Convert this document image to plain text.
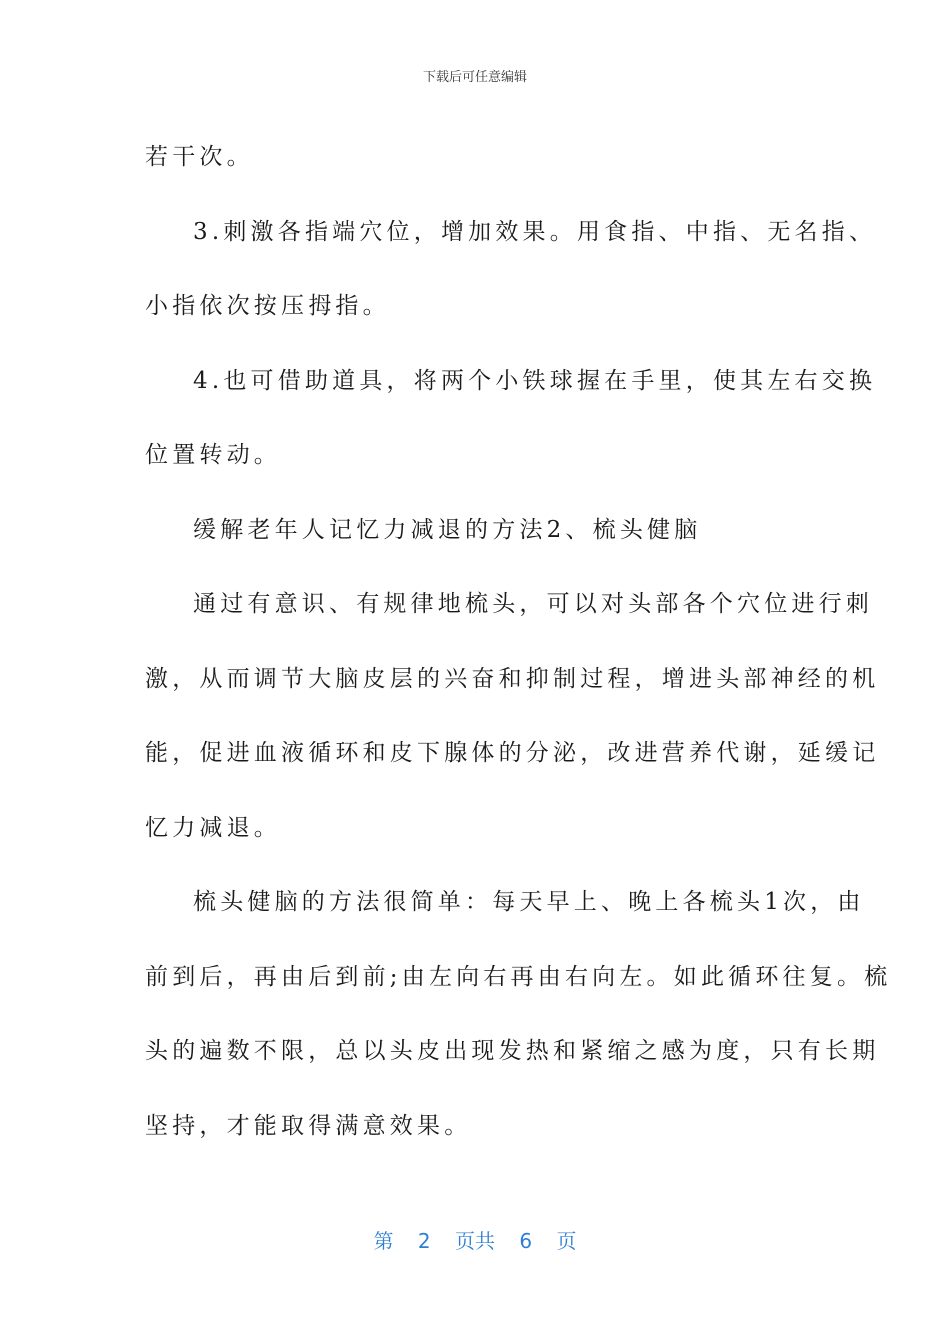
下载后可任意编辑
若干次。
3.刺激各指端穴位，增加效果。用食指、中指、无名指、
小指依次按压拇指。
4.也可借助道具，将两个小铁球握在手里，使其左右交换
位置转动。
缓解老年人记忆力减退的方法2、梳头健脑
通过有意识、有规律地梳头，可以对头部各个穴位进行刺
激，从而调节大脑皮层的兴奋和抑制过程，增进头部神经的机
能，促进血液循环和皮下腺体的分泌，改进营养代谢，延缓记
忆力减退。
梳头健脑的方法很简单：每天早上、晚上各梳头1次，由
前到后，再由后到前;由左向右再由右向左。如此循环往复。梳
头的遍数不限，总以头皮出现发热和紧缩之感为度，只有长期
坚持，才能取得满意效果。
第 2 页共 6 页
